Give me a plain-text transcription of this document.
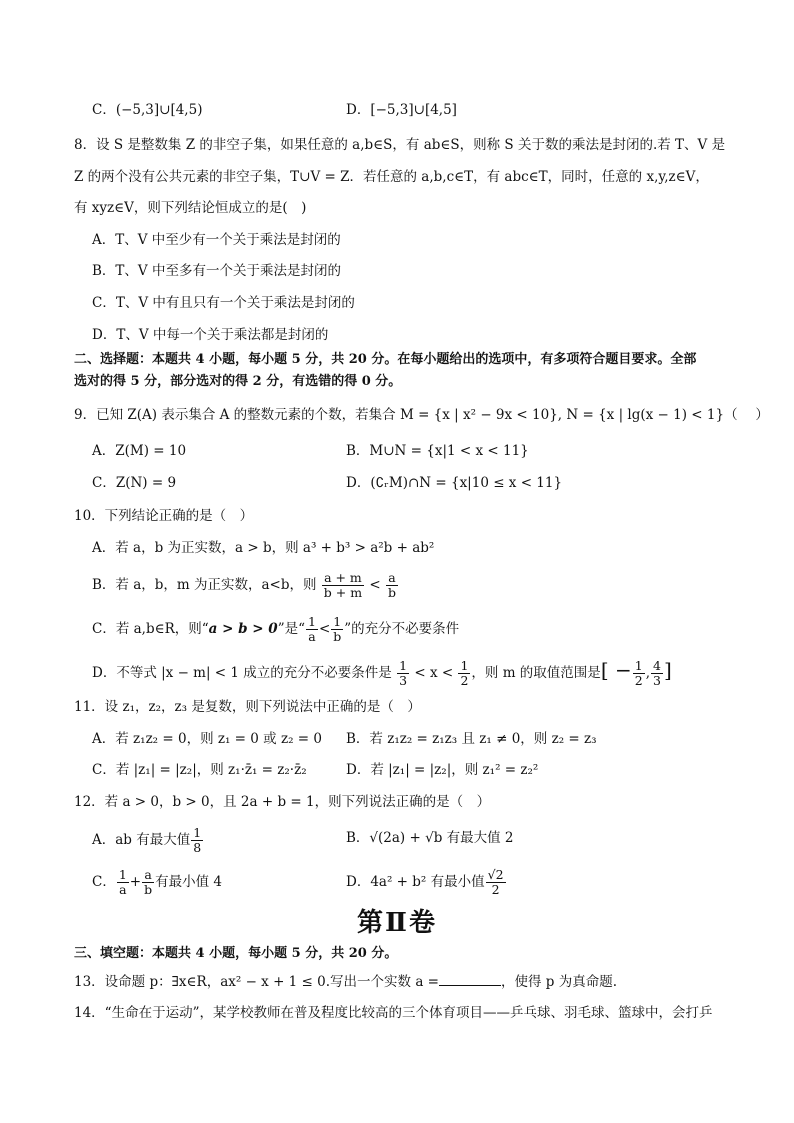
C．(−5,3]∪[4,5)	D．[−5,3]∪[4,5]
8．设 S 是整数集 Z 的非空子集，如果任意的 a,b∈S，有 ab∈S，则称 S 关于数的乘法是封闭的.若 T、V 是
Z 的两个没有公共元素的非空子集，T∪V = Z．若任意的 a,b,c∈T，有 abc∈T，同时，任意的 x,y,z∈V，
有 xyz∈V，则下列结论恒成立的是(　)
A．T、V 中至少有一个关于乘法是封闭的
B．T、V 中至多有一个关于乘法是封闭的
C．T、V 中有且只有一个关于乘法是封闭的
D．T、V 中每一个关于乘法都是封闭的
二、选择题：本题共 4 小题，每小题 5 分，共 20 分。在每小题给出的选项中，有多项符合题目要求。全部
选对的得 5 分，部分选对的得 2 分，有选错的得 0 分。
9．已知 Z(A) 表示集合 A 的整数元素的个数，若集合 M = {x | x² − 9x < 10}, N = {x | lg(x − 1) < 1}（　 ）
A．Z(M) = 10	B．M∪N = {x|1 < x < 11}
C．Z(N) = 9	D．(∁ᵣM)∩N = {x|10 ≤ x < 11}
10．下列结论正确的是（　）
A．若 a，b 为正实数，a > b，则 a³ + b³ > a²b + ab²
B．若 a，b，m 为正实数，a<b，则 $\frac{a + m}{b + m} < \frac{a}{b}$
C．若 a,b∈R，则“a > b > 0”是“ $\frac{1}{a} < \frac{1}{b}$ ”的充分不必要条件
D．不等式 |x − m| < 1 成立的充分不必要条件是 $\frac{1}{3} < x < \frac{1}{2}$ ，则 m 的取值范围是[ − $\frac{1}{2}$ , $\frac{4}{3}$ ]
11．设 z₁，z₂，z₃ 是复数，则下列说法中正确的是（　）
A．若 z₁z₂ = 0，则 z₁ = 0 或 z₂ = 0 B．若 z₁z₂ = z₁z₃ 且 z₁ ≠ 0，则 z₂ = z₃
C．若 |z₁| = |z₂|，则 z₁·z̄₁ = z₂·z̄₂	D．若 |z₁| = |z₂|，则 z₁² = z₂²
12．若 a > 0，b > 0，且 2a + b = 1，则下列说法正确的是（　）
A．ab 有最大值 $\frac{1}{8}$	B．√(2a) + √b 有最大值 2
C． $\frac{1}{a} + \frac{a}{b}$ 有最小值 4	D．4a² + b² 有最小值 $\frac{√2}{2}$
第Ⅱ卷
三、填空题：本题共 4 小题，每小题 5 分，共 20 分。
13．设命题 p：∃x∈R，ax² − x + 1 ≤ 0.写出一个实数 a =	，使得 p 为真命题.
14．“生命在于运动”，某学校教师在普及程度比较高的三个体育项目——乒乓球、羽毛球、篮球中，会打乒
